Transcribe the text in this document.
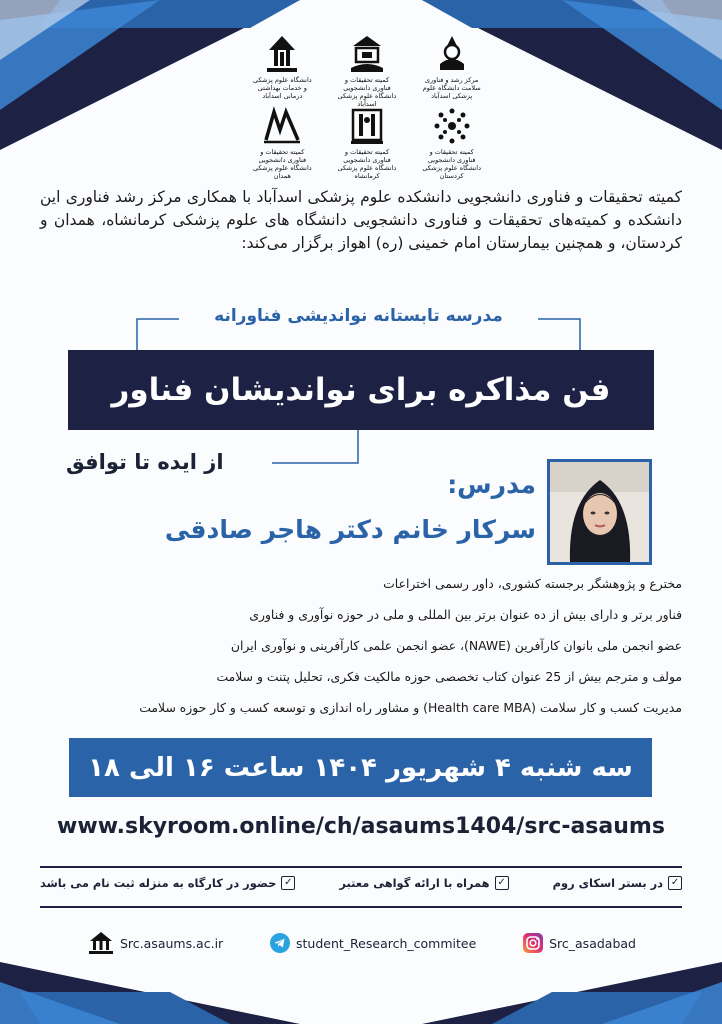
مرکز رشد و فناوری سلامت دانشگاه علوم پزشکی اسدآباد
کمیته تحقیقات و فناوری دانشجویی دانشگاه علوم پزشکی اسدآباد
دانشگاه علوم پزشکی و خدمات بهداشتی درمانی اسدآباد
کمیته تحقیقات و فناوری دانشجویی دانشگاه علوم پزشکی کردستان
کمیته تحقیقات و فناوری دانشجویی دانشگاه علوم پزشکی کرمانشاه
کمیته تحقیقات و فناوری دانشجویی دانشگاه علوم پزشکی همدان
کمیته تحقیقات و فناوری دانشجویی دانشکده علوم پزشکی اسدآباد با همکاری مرکز رشد فناوری این دانشکده و کمیته‌های تحقیقات و فناوری دانشجویی دانشگاه های علوم پزشکی کرمانشاه، همدان و کردستان، و همچنین بیمارستان امام خمینی (ره) اهواز برگزار می‌کند:
مدرسه تابستانه نواندیشی فناورانه
فن مذاکره برای نواندیشان فناور
از ایده تا توافق
مدرس:
سرکار خانم دکتر هاجر صادقی
مخترع و پژوهشگر برجسته کشوری، داور رسمی اختراعات
فناور برتر و دارای بیش از ده عنوان برتر بین المللی و ملی در حوزه نوآوری و فناوری
عضو انجمن ملی بانوان کارآفرین (NAWE)، عضو انجمن علمی کارآفرینی و نوآوری ایران
مولف و مترجم بیش از 25 عنوان کتاب تخصصی حوزه مالکیت فکری، تحلیل پتنت و سلامت
مدیریت کسب و کار سلامت (Health care MBA) و مشاور راه اندازی و توسعه کسب و کار حوزه سلامت
سه شنبه ۴ شهریور ۱۴۰۴ ساعت ۱۶ الی ۱۸
www.skyroom.online/ch/asaums1404/src-asaums
✓
در بستر اسکای روم
✓
همراه با ارائه گواهی معتبر
✓
حضور در کارگاه به منزله ثبت نام می باشد
Src.asaums.ac.ir	student_Research_commitee	Src_asadabad
